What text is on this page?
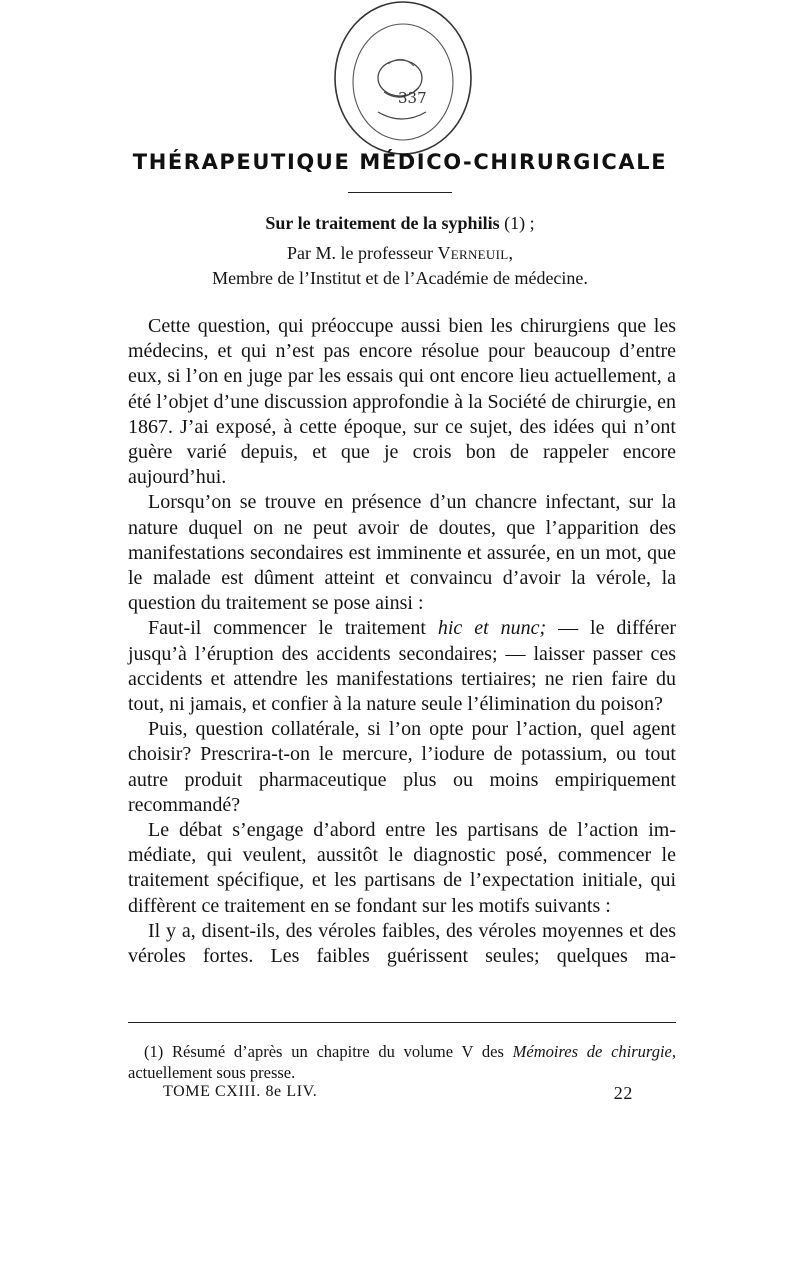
337
THÉRAPEUTIQUE MÉDICO-CHIRURGICALE
Sur le traitement de la syphilis (1) ;
Par M. le professeur Verneuil,
Membre de l’Institut et de l’Académie de médecine.

Cette question, qui préoccupe aussi bien les chirurgiens que les médecins, et qui n’est pas encore résolue pour beaucoup d’entre eux, si l’on en juge par les essais qui ont encore lieu actuellement, a été l’objet d’une discussion approfondie à la Société de chirurgie, en 1867. J’ai exposé, à cette époque, sur ce sujet, des idées qui n’ont guère varié depuis, et que je crois bon de rappeler encore aujourd’hui.

Lorsqu’on se trouve en présence d’un chancre infectant, sur la nature duquel on ne peut avoir de doutes, que l’apparition des manifestations secondaires est imminente et assurée, en un mot, que le malade est dûment atteint et convaincu d’avoir la vérole, la question du traitement se pose ainsi :

Faut-il commencer le traitement hic et nunc; — le différer jusqu’à l’éruption des accidents secondaires; — laisser passer ces accidents et attendre les manifestations tertiaires; ne rien faire du tout, ni jamais, et confier à la nature seule l’élimination du poison?

Puis, question collatérale, si l’on opte pour l’action, quel agent choisir? Prescrira-t-on le mercure, l’iodure de potassium, ou tout autre produit pharmaceutique plus ou moins empiriquement recommandé?

Le débat s’engage d’abord entre les partisans de l’action immédiate, qui veulent, aussitôt le diagnostic posé, commencer le traitement spécifique, et les partisans de l’expectation initiale, qui diffèrent ce traitement en se fondant sur les motifs suivants :

Il y a, disent-ils, des véroles faibles, des véroles moyennes et des véroles fortes. Les faibles guérissent seules; quelques ma-

(1) Résumé d’après un chapitre du volume V des Mémoires de chirurgie, actuellement sous presse.
TOME CXIII. 8e LIV.	22
